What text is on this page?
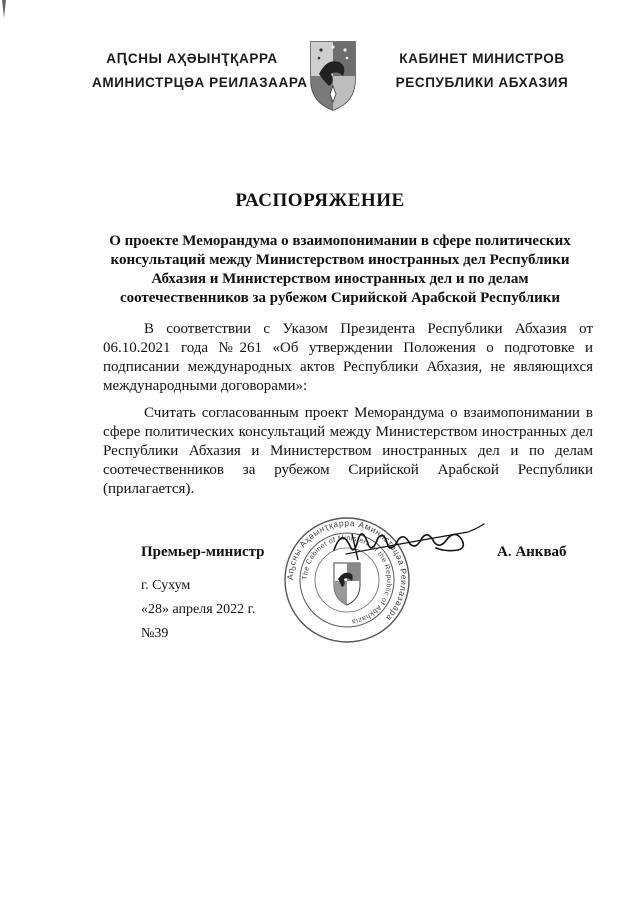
АԤСНЫ АҲӘЫНҬҚАРРА
АМИНИСТРЦӘА РЕИЛАЗААРА
КАБИНЕТ МИНИСТРОВ
РЕСПУБЛИКИ АБХАЗИЯ
РАСПОРЯЖЕНИЕ
О проекте Меморандума о взаимопонимании в сфере политических консультаций между Министерством иностранных дел Республики Абхазия и Министерством иностранных дел и по делам соотечественников за рубежом Сирийской Арабской Республики
В соответствии с Указом Президента Республики Абхазия от 06.10.2021 года №261 «Об утверждении Положения о подготовке и подписании международных актов Республики Абхазия, не являющихся международными договорами»:
Считать согласованным проект Меморандума о взаимопонимании в сфере политических консультаций между Министерством иностранных дел Республики Абхазия и Министерством иностранных дел и по делам соотечественников за рубежом Сирийской Арабской Республики (прилагается).
Аҧсны Аҳәынҭқарра Аминистрцәа Реилазаара
The Cabinet of Ministers of the Republic of Abkhazia
Премьер-министр	А. Анкваб
г. Сухум
«28» апреля 2022 г.
№39
